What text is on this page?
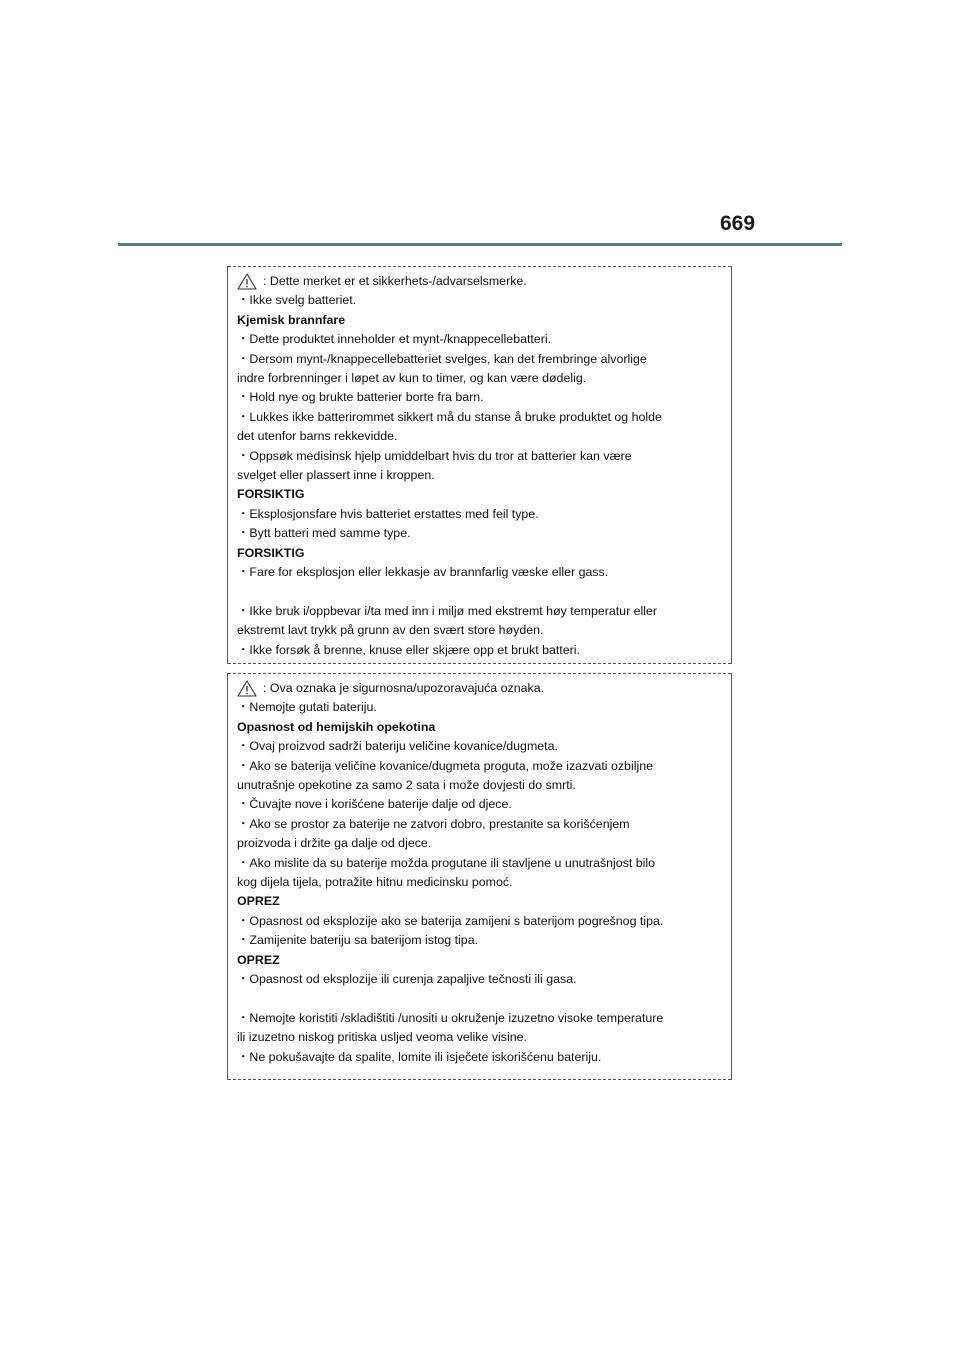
669
: Dette merket er et sikkerhets-/advarselsmerke.
・Ikke svelg batteriet.
Kjemisk brannfare
・Dette produktet inneholder et mynt-/knappecellebatteri.
・Dersom mynt-/knappecellebatteriet svelges, kan det frembringe alvorlige
indre forbrenninger i løpet av kun to timer, og kan være dødelig.
・Hold nye og brukte batterier borte fra barn.
・Lukkes ikke batterirommet sikkert må du stanse å bruke produktet og holde
det utenfor barns rekkevidde.
・Oppsøk medisinsk hjelp umiddelbart hvis du tror at batterier kan være
svelget eller plassert inne i kroppen.
FORSIKTIG
・Eksplosjonsfare hvis batteriet erstattes med feil type.
・Bytt batteri med samme type.
FORSIKTIG
・Fare for eksplosjon eller lekkasje av brannfarlig væske eller gass.
・Ikke bruk i/oppbevar i/ta med inn i miljø med ekstremt høy temperatur eller
ekstremt lavt trykk på grunn av den svært store høyden.
・Ikke forsøk å brenne, knuse eller skjære opp et brukt batteri.
: Ova oznaka je sigurnosna/upozoravajuća oznaka.
・Nemojte gutati bateriju.
Opasnost od hemijskih opekotina
・Ovaj proizvod sadrži bateriju veličine kovanice/dugmeta.
・Ako se baterija veličine kovanice/dugmeta proguta, može izazvati ozbiljne
unutrašnje opekotine za samo 2 sata i može dovjesti do smrti.
・Čuvajte nove i korišćene baterije dalje od djece.
・Ako se prostor za baterije ne zatvori dobro, prestanite sa korišćenjem
proizvoda i držite ga dalje od djece.
・Ako mislite da su baterije možda progutane ili stavljene u unutrašnjost bilo
kog dijela tijela, potražite hitnu medicinsku pomoć.
OPREZ
・Opasnost od eksplozije ako se baterija zamijeni s baterijom pogrešnog tipa.
・Zamijenite bateriju sa baterijom istog tipa.
OPREZ
・Opasnost od eksplozije ili curenja zapaljive tečnosti ili gasa.
・Nemojte koristiti /skladištiti /unositi u okruženje izuzetno visoke temperature
ili izuzetno niskog pritiska usljed veoma velike visine.
・Ne pokušavajte da spalite, lomite ili isječete iskorišćenu bateriju.
